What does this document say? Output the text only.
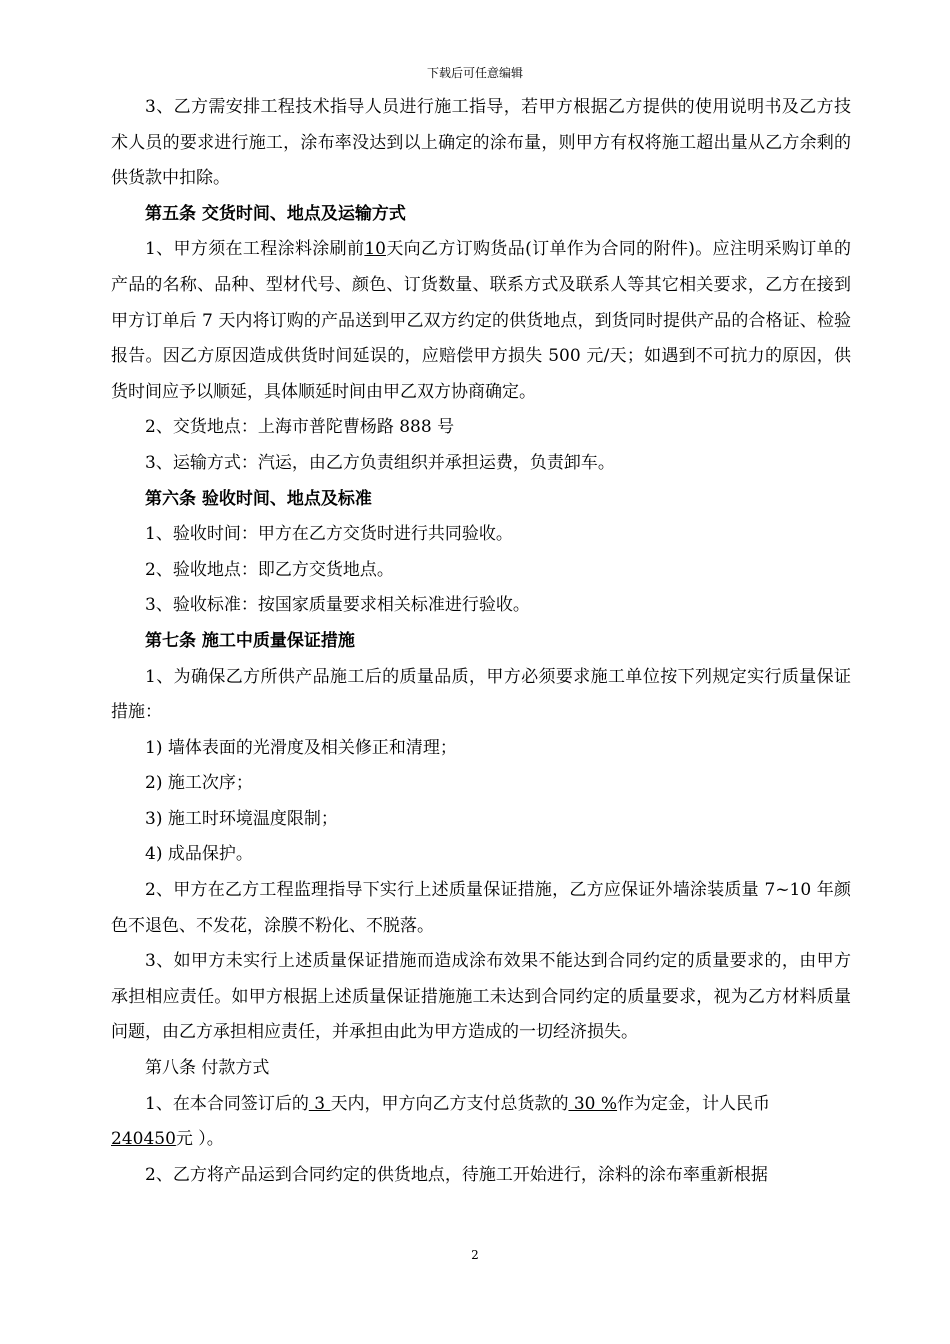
下载后可任意编辑

3、乙方需安排工程技术指导人员进行施工指导，若甲方根据乙方提供的使用说明书及乙方技术人员的要求进行施工，涂布率没达到以上确定的涂布量，则甲方有权将施工超出量从乙方余剩的供货款中扣除。

第五条 交货时间、地点及运输方式

1、甲方须在工程涂料涂刷前10天向乙方订购货品(订单作为合同的附件)。应注明采购订单的产品的名称、品种、型材代号、颜色、订货数量、联系方式及联系人等其它相关要求，乙方在接到甲方订单后 7 天内将订购的产品送到甲乙双方约定的供货地点，到货同时提供产品的合格证、检验报告。因乙方原因造成供货时间延误的，应赔偿甲方损失 500 元/天；如遇到不可抗力的原因，供货时间应予以顺延，具体顺延时间由甲乙双方协商确定。

2、交货地点：上海市普陀曹杨路 888 号

3、运输方式：汽运，由乙方负责组织并承担运费，负责卸车。

第六条 验收时间、地点及标准

1、验收时间：甲方在乙方交货时进行共同验收。

2、验收地点：即乙方交货地点。

3、验收标准：按国家质量要求相关标准进行验收。

第七条 施工中质量保证措施

1、为确保乙方所供产品施工后的质量品质，甲方必须要求施工单位按下列规定实行质量保证措施：

1) 墙体表面的光滑度及相关修正和清理；

2) 施工次序；

3) 施工时环境温度限制；

4) 成品保护。

2、甲方在乙方工程监理指导下实行上述质量保证措施，乙方应保证外墙涂装质量 7~10 年颜色不退色、不发花，涂膜不粉化、不脱落。

3、如甲方未实行上述质量保证措施而造成涂布效果不能达到合同约定的质量要求的，由甲方承担相应责任。如甲方根据上述质量保证措施施工未达到合同约定的质量要求，视为乙方材料质量问题，由乙方承担相应责任，并承担由此为甲方造成的一切经济损失。

第八条 付款方式

1、在本合同签订后的 3 天内，甲方向乙方支付总货款的 30 %作为定金，计人民币
240450元 ）。

2、乙方将产品运到合同约定的供货地点，待施工开始进行，涂料的涂布率重新根据

2
